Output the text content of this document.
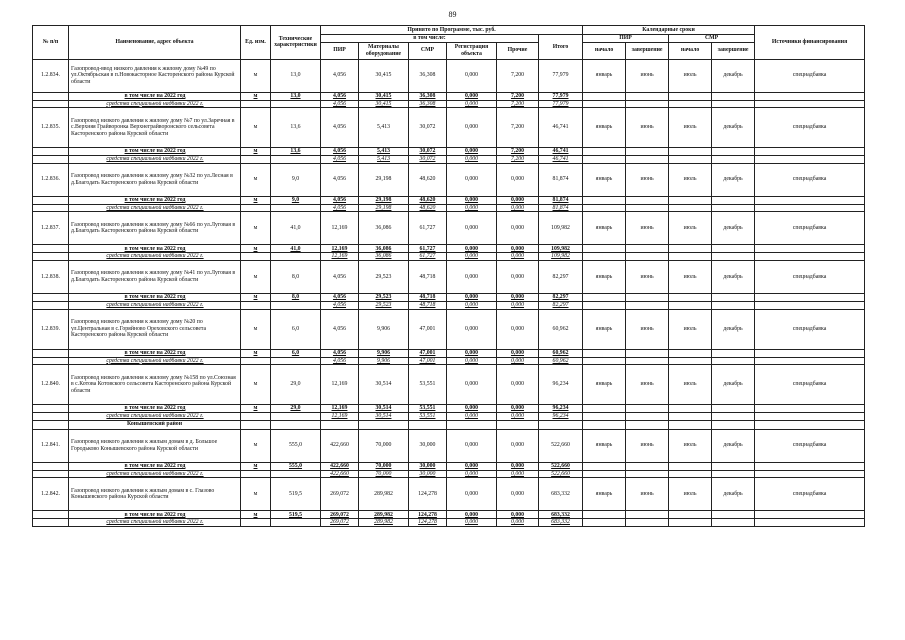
89
№ п/п	Наименование, адрес объекта	Ед. изм.	Технические характеристики	Принято по Программе, тыс. руб.						Календарные сроки				Источники финансирования
				в том числе:					Итого	ПИР		СМР		
				ПИР	Материалы оборудование	СМР	Регистрация объекта	Прочие		начало	завершение	начало	завершение	
1.2.834.	Газопровод-ввод низкого давления к жилому дому №49 по ул.Октябрьская в п.Новокасторное Касторенского района Курской области	м	13,0	4,056	30,415	36,308	0,000	7,200	77,979	январь	июнь	июль	декабрь	спецнадбавка
	в том числе на 2022 год	м	13,0	4,056	30,415	36,308	0,000	7,200	77,979					
	средства специальной надбавки 2022 г.			4,056	30,415	36,308	0,000	7,200	77,979					
1.2.835.	Газопровод низкого давления к жилому дому №7 по ул.Заречная в с.Верхняя Грайворонка Верхнеграйворонского сельсовета Касторенского района Курской области	м	13,6	4,056	5,413	30,072	0,000	7,200	46,741	январь	июнь	июль	декабрь	спецнадбавка
	в том числе на 2022 год	м	13,6	4,056	5,413	30,072	0,000	7,200	46,741					
	средства специальной надбавки 2022 г.			4,056	5,413	30,072	0,000	7,200	46,741					
1.2.836.	Газопровод низкого давления к жилому дому №32 по ул.Лесная в д.Благодать Касторенского района Курской области	м	9,0	4,056	29,198	48,620	0,000	0,000	81,874	январь	июнь	июль	декабрь	спецнадбавка
	в том числе на 2022 год	м	9,0	4,056	29,198	48,620	0,000	0,000	81,874					
	средства специальной надбавки 2022 г.			4,056	29,198	48,620	0,000	0,000	81,874					
1.2.837.	Газопровод низкого давления к жилому дому №66 по ул.Луговая в д.Благодать Касторенского района Курской области	м	41,0	12,169	36,086	61,727	0,000	0,000	109,982	январь	июнь	июль	декабрь	спецнадбавка
	в том числе на 2022 год	м	41,0	12,169	36,086	61,727	0,000	0,000	109,982					
	средства специальной надбавки 2022 г.			12,169	36,086	61,727	0,000	0,000	109,982					
1.2.838.	Газопровод низкого давления к жилому дому №41 по ул.Луговая в д.Благодать Касторенского района Курской области	м	8,0	4,056	29,523	48,718	0,000	0,000	82,297	январь	июнь	июль	декабрь	спецнадбавка
	в том числе на 2022 год	м	8,0	4,056	29,523	48,718	0,000	0,000	82,297					
	средства специальной надбавки 2022 г.			4,056	29,523	48,718	0,000	0,000	82,297					
1.2.839.	Газопровод низкого давления к жилому дому №20 по ул.Центральная в с.Горяйново Ореховского сельсовета Касторенского района Курской области	м	6,0	4,056	9,906	47,001	0,000	0,000	60,962	январь	июнь	июль	декабрь	спецнадбавка
	в том числе на 2022 год	м	6,0	4,056	9,906	47,001	0,000	0,000	60,962					
	средства специальной надбавки 2022 г.			4,056	9,906	47,001	0,000	0,000	60,962					
1.2.840.	Газопровод низкого давления к жилому дому №158 по ул.Союзная в с.Котова Котовского сельсовета Касторенского района Курской области	м	29,0	12,169	30,514	53,551	0,000	0,000	96,234	январь	июнь	июль	декабрь	спецнадбавка
	в том числе на 2022 год	м	29,0	12,169	30,514	53,551	0,000	0,000	96,234					
	средства специальной надбавки 2022 г.			12,169	30,514	53,551	0,000	0,000	96,234					
	Конышевский район													
1.2.841.	Газопровод низкого давления к жилым домам в д. Большое Городьково Конышевского района Курской области	м	555,0	422,660	70,000	30,000	0,000	0,000	522,660	январь	июнь	июль	декабрь	спецнадбавка
	в том числе на 2022 год	м	555,0	422,660	70,000	30,000	0,000	0,000	522,660					
	средства специальной надбавки 2022 г.			422,660	70,000	30,000	0,000	0,000	522,660					
1.2.842.	Газопровод низкого давления к жилым домам в с. Глазово Конышевского района Курской области	м	519,5	269,072	289,982	124,278	0,000	0,000	683,332	январь	июнь	июль	декабрь	спецнадбавка
	в том числе на 2022 год	м	519,5	269,072	289,982	124,278	0,000	0,000	683,332					
	средства специальной надбавки 2022 г.			269,072	289,982	124,278	0,000	0,000	683,332					
